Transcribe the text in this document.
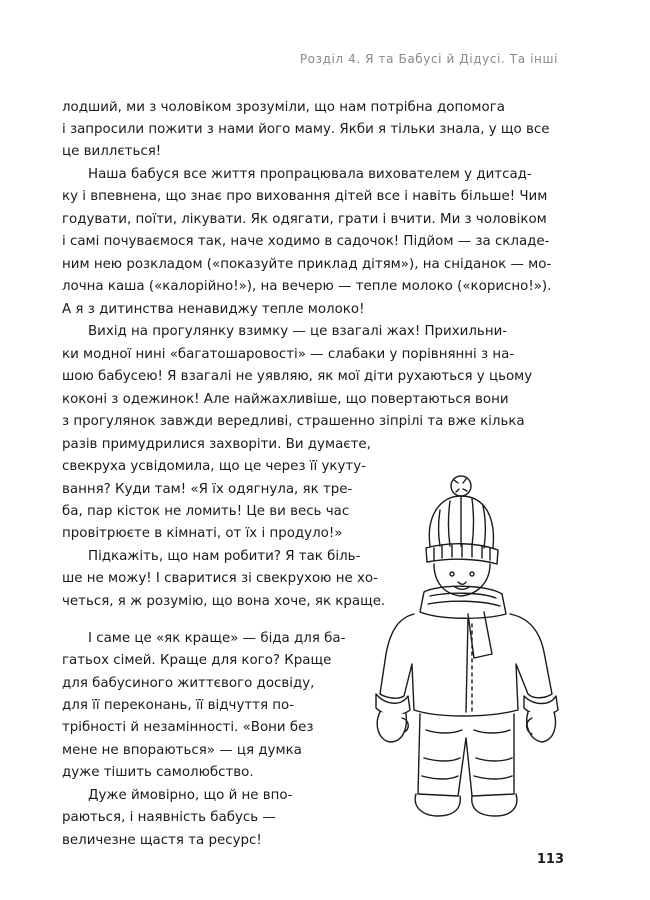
Розділ 4. Я та Бабусі й Дідусі. Та інші
лодший, ми з чоловіком зрозуміли, що нам потрібна допомога
і запросили пожити з нами його маму. Якби я тільки знала, у що все
це виллється!
Наша бабуся все життя пропрацювала вихователем у дитсад-
ку і впевнена, що знає про виховання дітей все і навіть більше! Чим
годувати, поїти, лікувати. Як одягати, грати і вчити. Ми з чоловіком
і самі почуваємося так, наче ходимо в садочок! Підйом — за складе-
ним нею розкладом («показуйте приклад дітям»), на сніданок — мо-
лочна каша («калорійно!»), на вечерю — тепле молоко («корисно!»).
А я з дитинства ненавиджу тепле молоко!
Вихід на прогулянку взимку — це взагалі жах! Прихильни-
ки модної нині «багатошаровості» — слабаки у порівнянні з на-
шою бабусею! Я взагалі не уявляю, як мої діти рухаються у цьому
коконі з одежинок! Але найжахливіше, що повертаються вони
з прогулянок завжди вередливі, страшенно зіпрілі та вже кілька
разів примудрилися захворіти. Ви думаєте,
свекруха усвідомила, що це через її укуту-
вання? Куди там! «Я їх одягнула, як тре-
ба, пар кісток не ломить! Це ви весь час
провітрюєте в кімнаті, от їх і продуло!»
Підкажіть, що нам робити? Я так біль-
ше не можу! І сваритися зі свекрухою не хо-
четься, я ж розумію, що вона хоче, як краще.
І саме це «як краще» — біда для ба-
гатьох сімей. Краще для кого? Краще
для бабусиного життєвого досвіду,
для її переконань, її відчуття по-
трібності й незамінності. «Вони без
мене не впораються» — ця думка
дуже тішить самолюбство.
Дуже ймовірно, що й не впо-
раються, і наявність бабусь —
величезне щастя та ресурс!
113
